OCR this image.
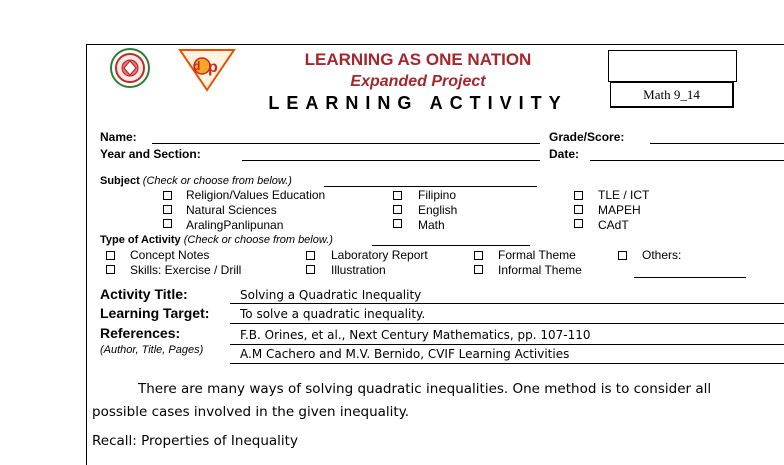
p
d	LEARNING AS ONE NATION
Expanded Project
LEARNING ACTIVITY	Math 9_14
Name:
Year and Section:
Grade/Score:
Date:
Subject (Check or choose from below.)
Religion/Values Education
Natural Sciences
AralingPanlipunan
Filipino
English
Math
TLE / ICT
MAPEH
CAdT
Type of Activity (Check or choose from below.)
Concept Notes
Skills: Exercise / Drill
Laboratory Report
Illustration
Formal Theme
Informal Theme
Others:
Activity Title:	Solving a Quadratic Inequality
Learning Target:	To solve a quadratic inequality.
References:
(Author, Title, Pages)
F.B. Orines, et al., Next Century Mathematics, pp. 107-110
A.M Cachero and M.V. Bernido, CVIF Learning Activities
There are many ways of solving quadratic inequalities. One method is to consider all possible cases involved in the given inequality.
Recall: Properties of Inequality
